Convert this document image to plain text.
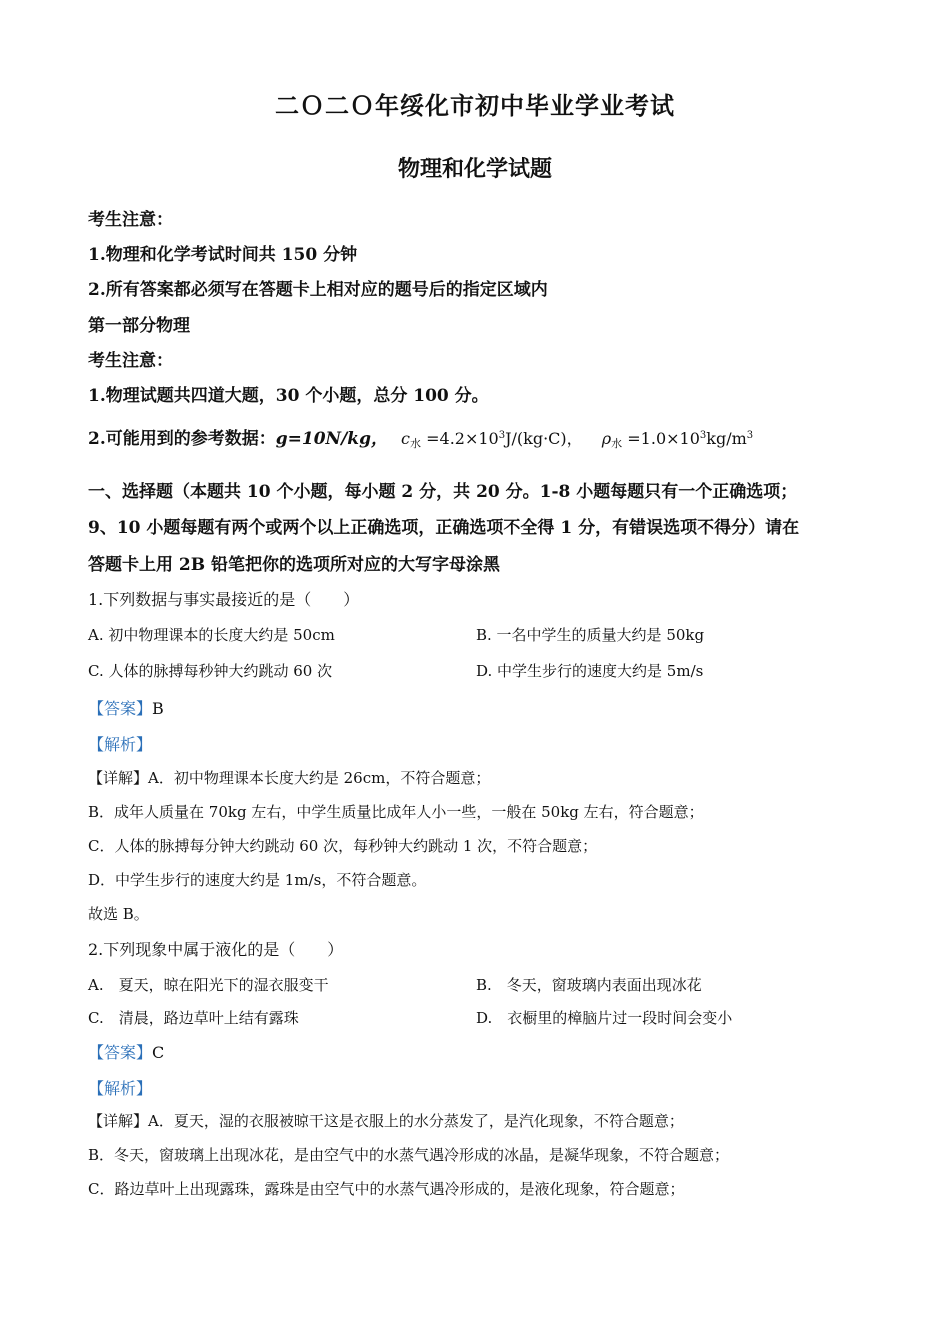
二Ｏ二Ｏ年绥化市初中毕业学业考试
物理和化学试题
考生注意：
1.物理和化学考试时间共 150 分钟
2.所有答案都必须写在答题卡上相对应的题号后的指定区域内
第一部分物理
考生注意：
1.物理试题共四道大题，30 个小题，总分 100 分。
2.可能用到的参考数据：g=10N/kg， $c_水 =4.2\times 10^3J/(kg\cdot C)$， $\rho_水 =1.0\times 10^3kg/m^3$
一、选择题（本题共 10 个小题，每小题 2 分，共 20 分。1-8 小题每题只有一个正确选项；
9、10 小题每题有两个或两个以上正确选项，正确选项不全得 1 分，有错误选项不得分）请在
答题卡上用 2B 铅笔把你的选项所对应的大写字母涂黑
1.下列数据与事实最接近的是（　　）
A. 初中物理课本的长度大约是 50cm	B. 一名中学生的质量大约是 50kg
C. 人体的脉搏每秒钟大约跳动 60 次	D. 中学生步行的速度大约是 5m/s
【答案】B
【解析】
【详解】A．初中物理课本长度大约是 26cm，不符合题意；
B．成年人质量在 70kg 左右，中学生质量比成年人小一些，一般在 50kg 左右，符合题意；
C．人体的脉搏每分钟大约跳动 60 次，每秒钟大约跳动 1 次，不符合题意；
D．中学生步行的速度大约是 1m/s，不符合题意。
故选 B。
2.下列现象中属于液化的是（　　）
A.　夏天，晾在阳光下的湿衣服变干	B.　冬天，窗玻璃内表面出现冰花
C.　清晨，路边草叶上结有露珠	D.　衣橱里的樟脑片过一段时间会变小
【答案】C
【解析】
【详解】A．夏天，湿的衣服被晾干这是衣服上的水分蒸发了，是汽化现象，不符合题意；
B．冬天，窗玻璃上出现冰花，是由空气中的水蒸气遇冷形成的冰晶，是凝华现象，不符合题意；
C．路边草叶上出现露珠，露珠是由空气中的水蒸气遇冷形成的，是液化现象，符合题意；
